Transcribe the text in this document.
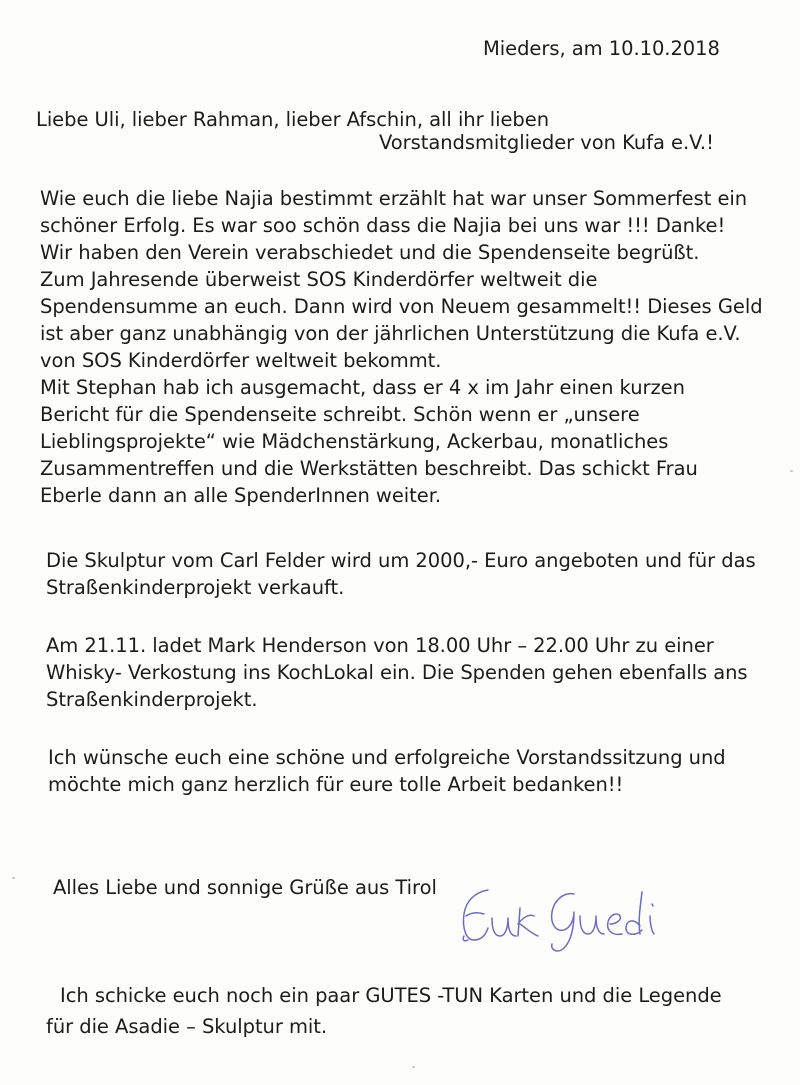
Mieders, am 10.10.2018

Liebe Uli, lieber Rahman, lieber Afschin, all ihr lieben

Vorstandsmitglieder von Kufa e.V.!

Wie euch die liebe Najia bestimmt erzählt hat war unser Sommerfest ein

schöner Erfolg. Es war soo schön dass die Najia bei uns war !!! Danke!

Wir haben den Verein verabschiedet und die Spendenseite begrüßt.

Zum Jahresende überweist SOS Kinderdörfer weltweit die

Spendensumme an euch. Dann wird von Neuem gesammelt!! Dieses Geld

ist aber ganz unabhängig von der jährlichen Unterstützung die Kufa e.V.

von SOS Kinderdörfer weltweit bekommt.

Mit Stephan hab ich ausgemacht, dass er 4 x im Jahr einen kurzen

Bericht für die Spendenseite schreibt. Schön wenn er „unsere

Lieblingsprojekte“ wie Mädchenstärkung, Ackerbau, monatliches

Zusammentreffen und die Werkstätten beschreibt. Das schickt Frau

Eberle dann an alle SpenderInnen weiter.

Die Skulptur vom Carl Felder wird um 2000,- Euro angeboten und für das

Straßenkinderprojekt verkauft.

Am 21.11. ladet Mark Henderson von 18.00 Uhr – 22.00 Uhr zu einer

Whisky- Verkostung ins KochLokal ein. Die Spenden gehen ebenfalls ans

Straßenkinderprojekt.

Ich wünsche euch eine schöne und erfolgreiche Vorstandssitzung und

möchte mich ganz herzlich für eure tolle Arbeit bedanken!!

Alles Liebe und sonnige Grüße aus Tirol

Ich schicke euch noch ein paar GUTES -TUN Karten und die Legende

für die Asadie – Skulptur mit.
